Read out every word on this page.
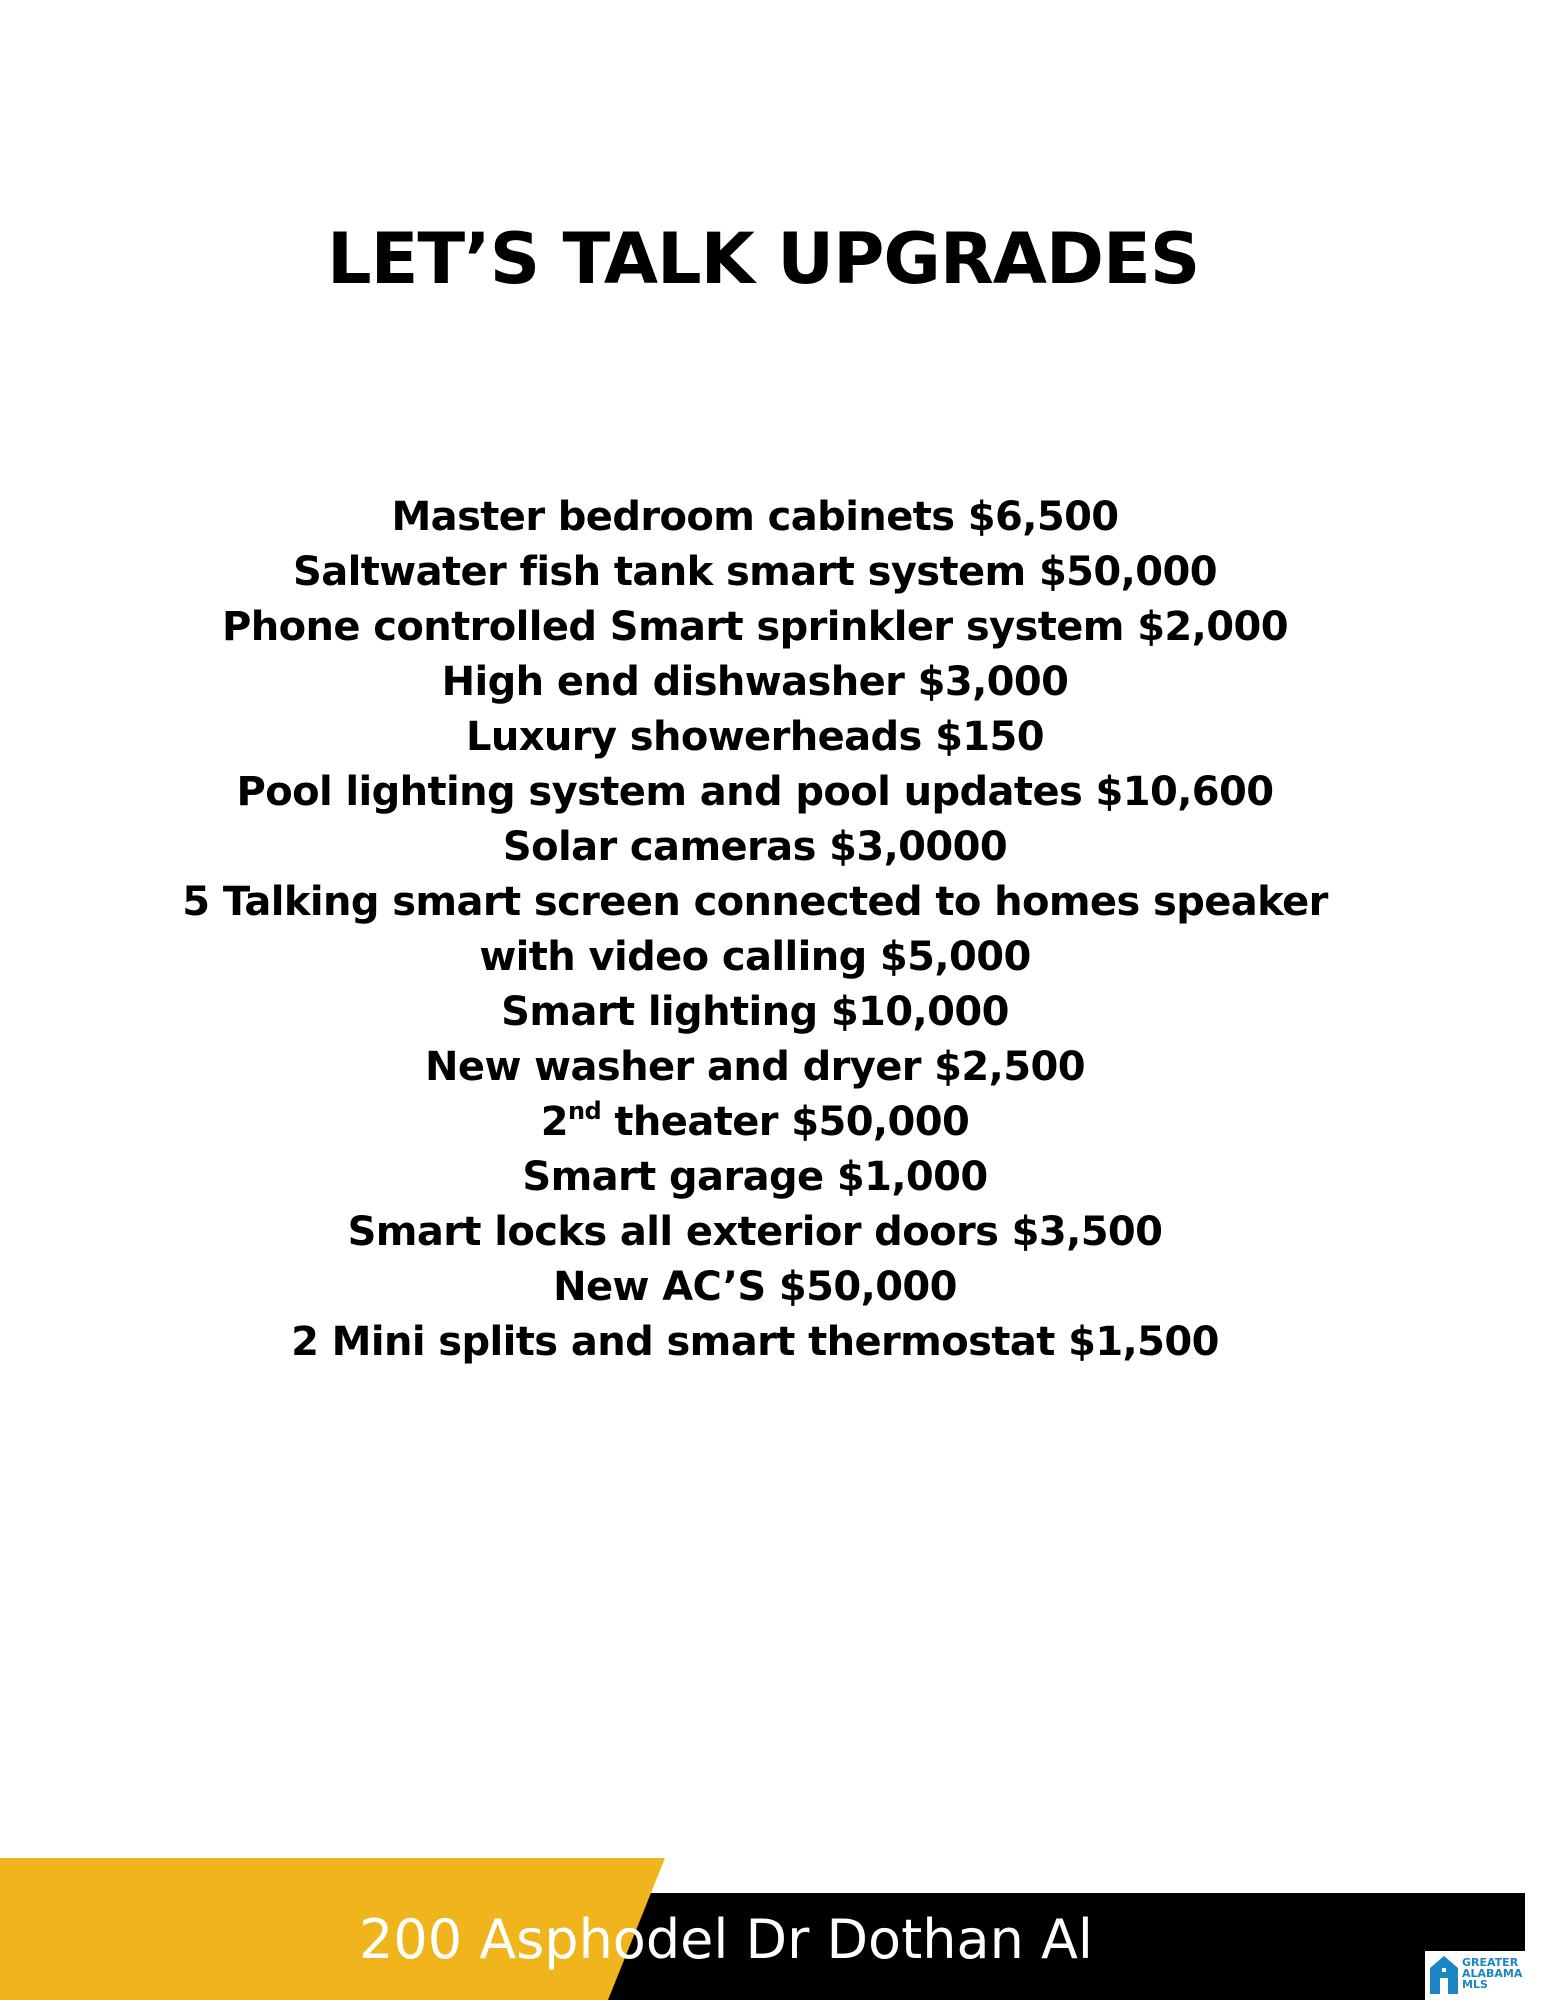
LET’S TALK UPGRADES
Master bedroom cabinets $6,500
Saltwater fish tank smart system $50,000
Phone controlled Smart sprinkler system $2,000
High end dishwasher $3,000
Luxury showerheads $150
Pool lighting system and pool updates $10,600
Solar cameras $3,0000
5 Talking smart screen connected to homes speaker
with video calling $5,000
Smart lighting $10,000
New washer and dryer $2,500
2nd theater $50,000
Smart garage $1,000
Smart locks all exterior doors $3,500
New AC’S $50,000
2 Mini splits and smart thermostat $1,500
200 Asphodel Dr Dothan Al	GREATER
ALABAMA
MLS
